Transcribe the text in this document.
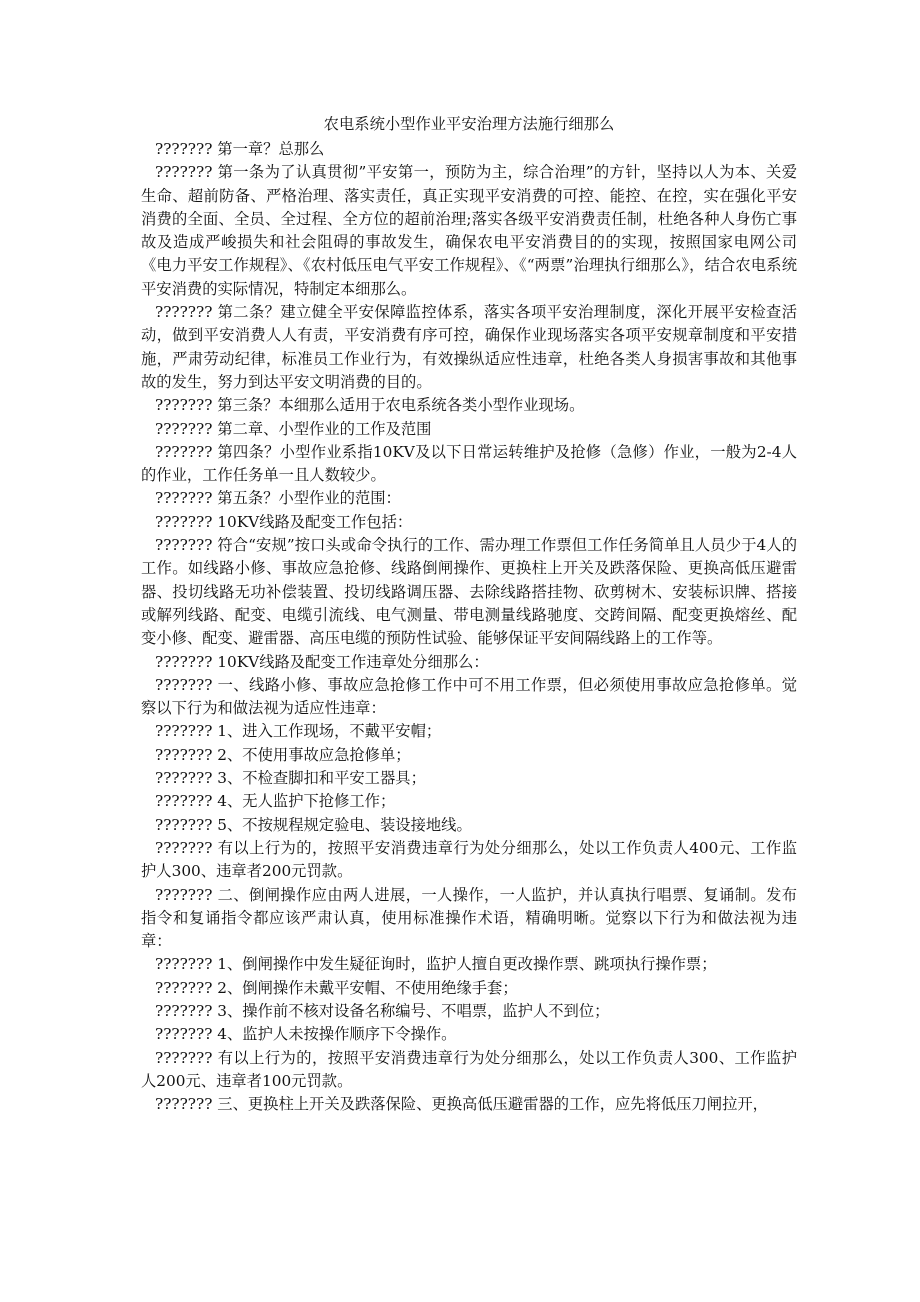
农电系统小型作业平安治理方法施行细那么

??????? 第一章？总那么

??????? 第一条为了认真贯彻”平安第一，预防为主，综合治理”的方针，坚持以人为本、关爱生命、超前防备、严格治理、落实责任，真正实现平安消费的可控、能控、在控，实在强化平安消费的全面、全员、全过程、全方位的超前治理;落实各级平安消费责任制，杜绝各种人身伤亡事故及造成严峻损失和社会阻碍的事故发生，确保农电平安消费目的的实现，按照国家电网公司《电力平安工作规程》、《农村低压电气平安工作规程》、《“两票”治理执行细那么》，结合农电系统平安消费的实际情况，特制定本细那么。

??????? 第二条？建立健全平安保障监控体系，落实各项平安治理制度，深化开展平安检查活动，做到平安消费人人有责，平安消费有序可控，确保作业现场落实各项平安规章制度和平安措施，严肃劳动纪律，标准员工作业行为，有效操纵适应性违章，杜绝各类人身损害事故和其他事故的发生，努力到达平安文明消费的目的。

??????? 第三条？本细那么适用于农电系统各类小型作业现场。

??????? 第二章、小型作业的工作及范围

??????? 第四条？小型作业系指10KV及以下日常运转维护及抢修（急修）作业，一般为2-4人的作业，工作任务单一且人数较少。

??????? 第五条？小型作业的范围：

??????? 10KV线路及配变工作包括：

??????? 符合“安规”按口头或命令执行的工作、需办理工作票但工作任务简单且人员少于4人的工作。如线路小修、事故应急抢修、线路倒闸操作、更换柱上开关及跌落保险、更换高低压避雷器、投切线路无功补偿装置、投切线路调压器、去除线路搭挂物、砍剪树木、安装标识牌、搭接或解列线路、配变、电缆引流线、电气测量、带电测量线路驰度、交跨间隔、配变更换熔丝、配变小修、配变、避雷器、高压电缆的预防性试验、能够保证平安间隔线路上的工作等。

??????? 10KV线路及配变工作违章处分细那么：

??????? 一、线路小修、事故应急抢修工作中可不用工作票，但必须使用事故应急抢修单。觉察以下行为和做法视为适应性违章：

??????? 1、进入工作现场，不戴平安帽；

??????? 2、不使用事故应急抢修单；

??????? 3、不检查脚扣和平安工器具；

??????? 4、无人监护下抢修工作；

??????? 5、不按规程规定验电、装设接地线。

??????? 有以上行为的，按照平安消费违章行为处分细那么，处以工作负责人400元、工作监护人300、违章者200元罚款。

??????? 二、倒闸操作应由两人进展，一人操作，一人监护，并认真执行唱票、复诵制。发布指令和复诵指令都应该严肃认真，使用标准操作术语，精确明晰。觉察以下行为和做法视为违章：

??????? 1、倒闸操作中发生疑征询时，监护人擅自更改操作票、跳项执行操作票；

??????? 2、倒闸操作未戴平安帽、不使用绝缘手套；

??????? 3、操作前不核对设备名称编号、不唱票，监护人不到位；

??????? 4、监护人未按操作顺序下令操作。

??????? 有以上行为的，按照平安消费违章行为处分细那么，处以工作负责人300、工作监护人200元、违章者100元罚款。

??????? 三、更换柱上开关及跌落保险、更换高低压避雷器的工作，应先将低压刀闸拉开，
